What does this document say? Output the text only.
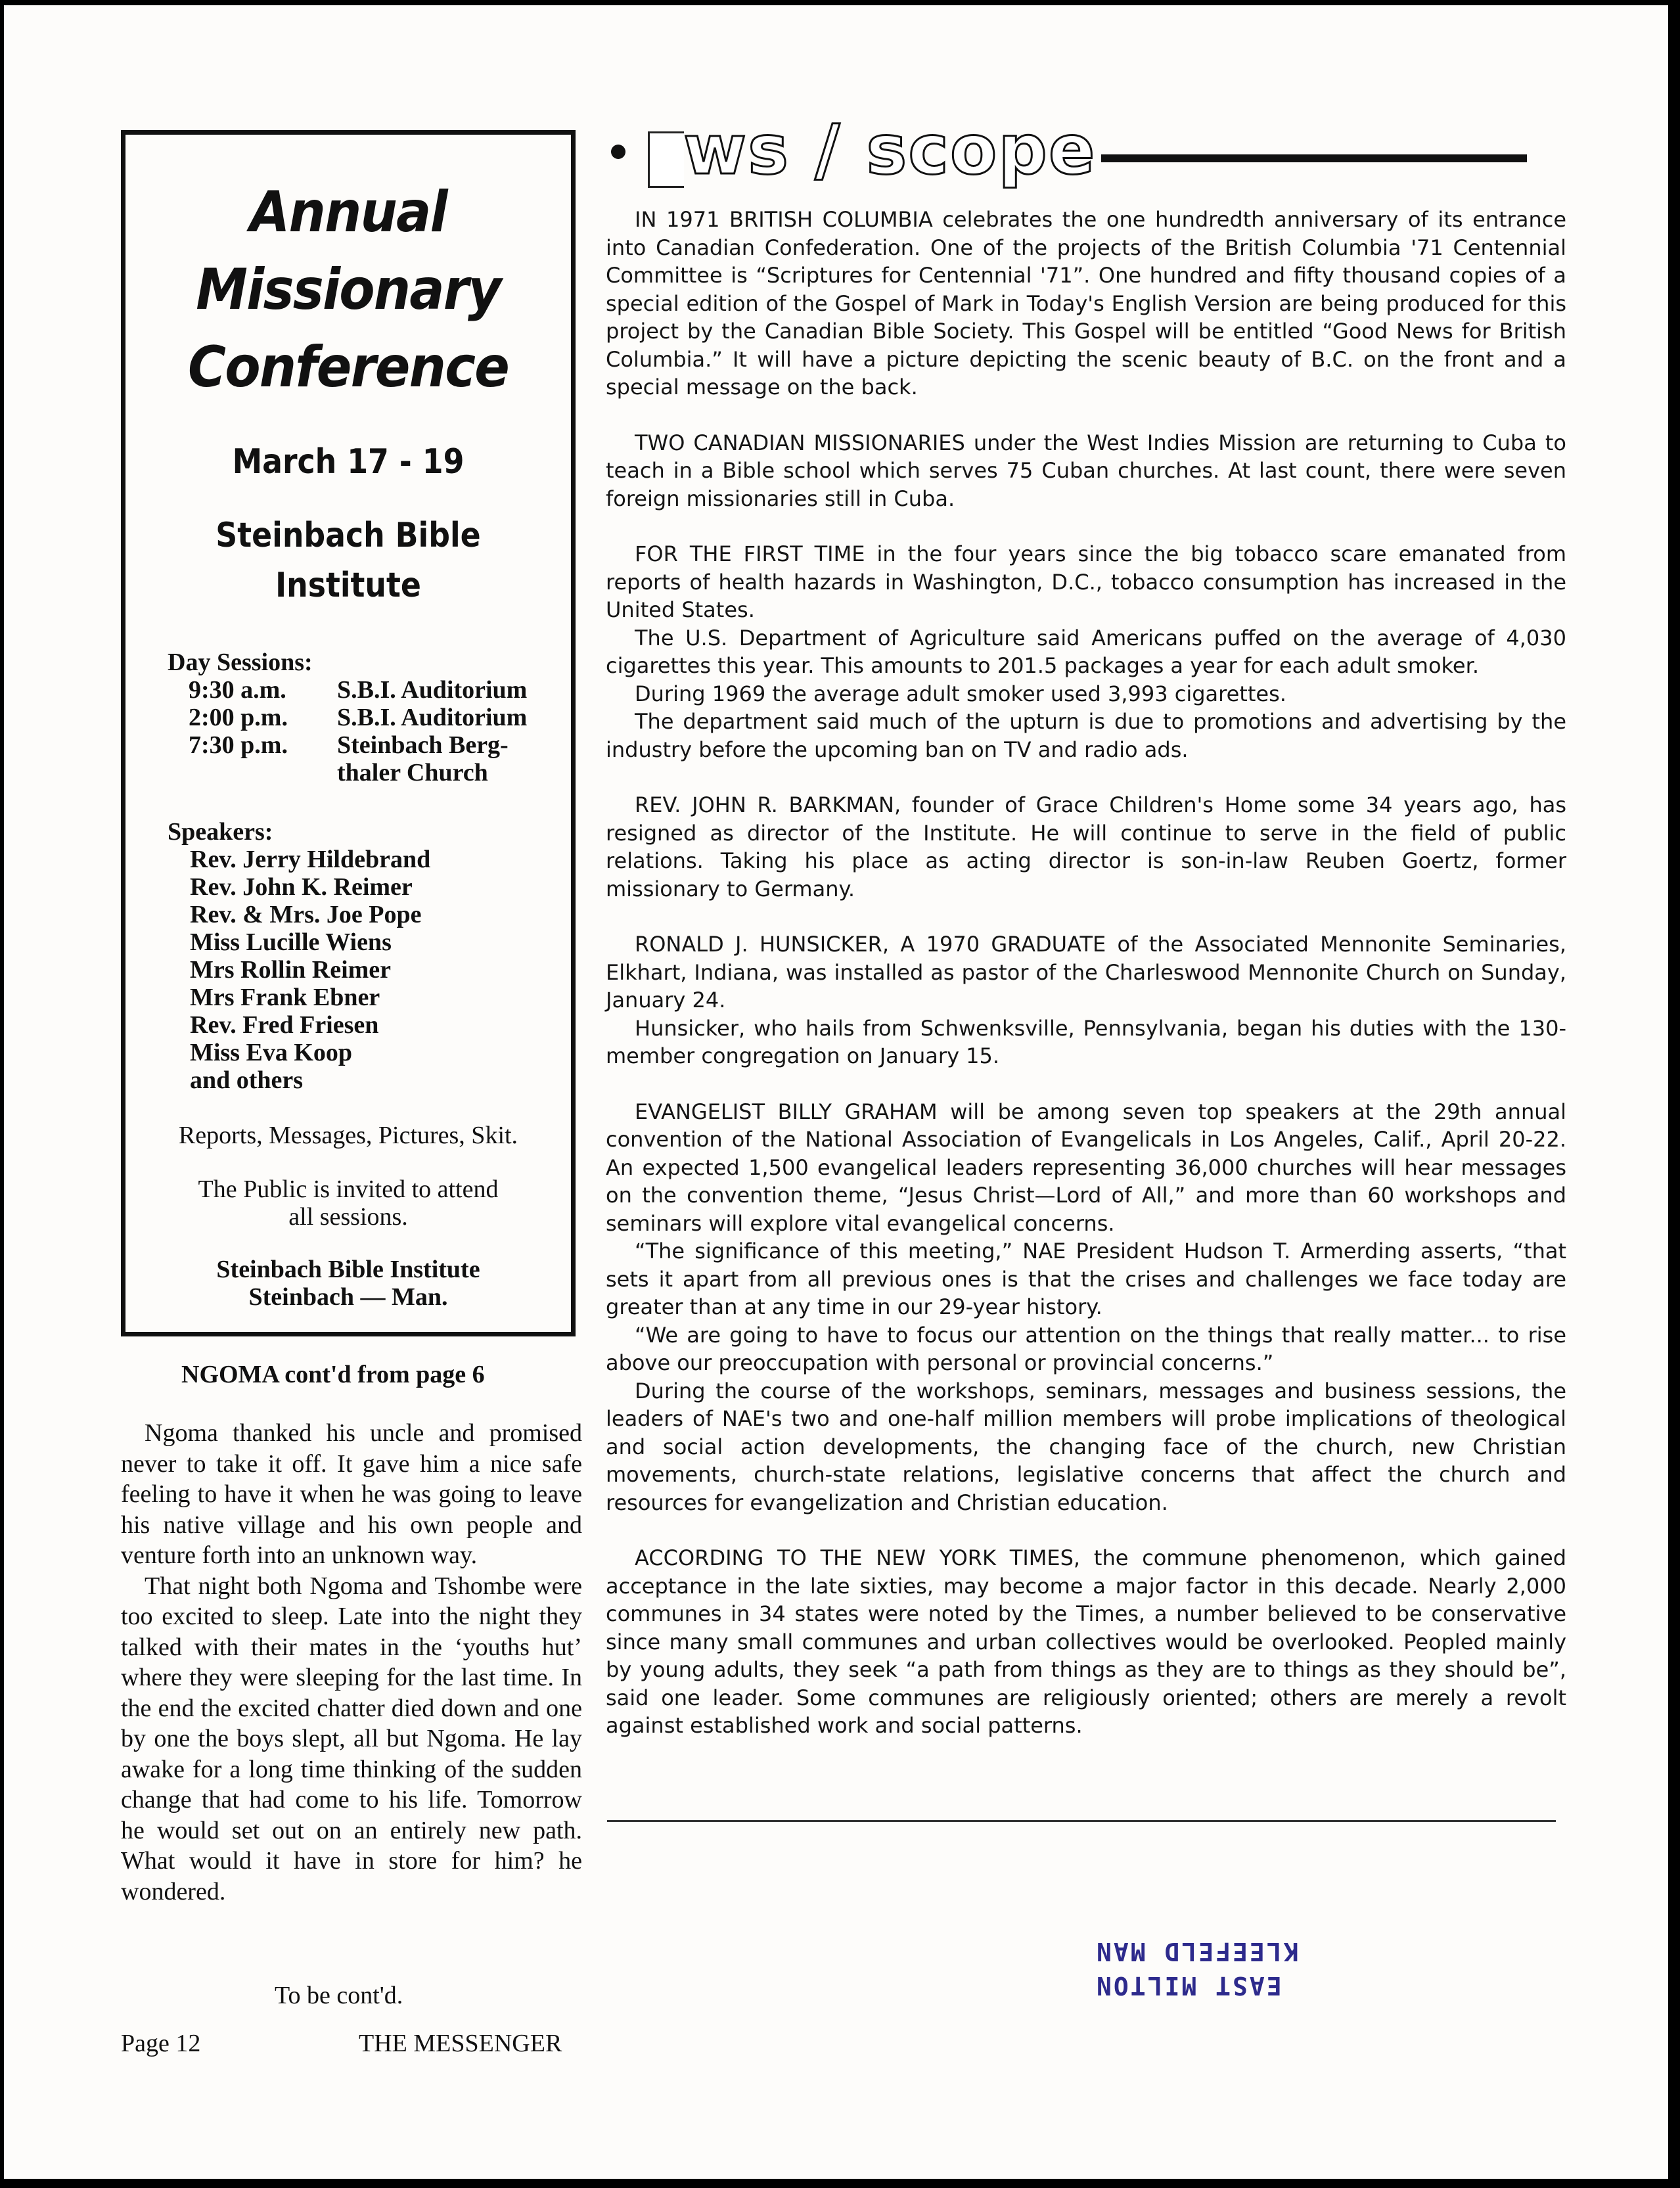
Annual
Missionary
Conference
March 17 - 19
Steinbach Bible
Institute
Day Sessions:
9:30 a.m. S.B.I. Auditorium
2:00 p.m. S.B.I. Auditorium
7:30 p.m. Steinbach Berg-
thaler Church
Speakers:
Rev. Jerry Hildebrand
Rev. John K. Reimer
Rev. & Mrs. Joe Pope
Miss Lucille Wiens
Mrs Rollin Reimer
Mrs Frank Ebner
Rev. Fred Friesen
Miss Eva Koop
and others
Reports, Messages, Pictures, Skit.
The Public is invited to attend
all sessions.
Steinbach Bible Institute
Steinbach — Man.
NGOMA cont'd from page 6

Ngoma thanked his uncle and promised never to take it off. It gave him a nice safe feeling to have it when he was going to leave his native village and his own people and venture forth into an unknown way.

That night both Ngoma and Tshombe were too excited to sleep. Late into the night they talked with their mates in the ‘youths hut’ where they were sleeping for the last time. In the end the excited chatter died down and one by one the boys slept, all but Ngoma. He lay awake for a long time thinking of the sudden change that had come to his life. Tomorrow he would set out on an entirely new path. What would it have in store for him? he wondered.

To be cont'd.
Page 12	THE MESSENGER
ws / scope

IN 1971 BRITISH COLUMBIA celebrates the one hundredth anniversary of its entrance into Canadian Confederation. One of the projects of the British Columbia '71 Centennial Committee is “Scriptures for Centennial '71”. One hundred and fifty thousand copies of a special edition of the Gospel of Mark in Today's English Version are being produced for this project by the Canadian Bible Society. This Gospel will be entitled “Good News for British Columbia.” It will have a picture depicting the scenic beauty of B.C. on the front and a special message on the back.

TWO CANADIAN MISSIONARIES under the West Indies Mission are returning to Cuba to teach in a Bible school which serves 75 Cuban churches. At last count, there were seven foreign missionaries still in Cuba.

FOR THE FIRST TIME in the four years since the big tobacco scare emanated from reports of health hazards in Washington, D.C., tobacco consumption has increased in the United States.

The U.S. Department of Agriculture said Americans puffed on the average of 4,030 cigarettes this year. This amounts to 201.5 packages a year for each adult smoker.

During 1969 the average adult smoker used 3,993 cigarettes.

The department said much of the upturn is due to promotions and advertising by the industry before the upcoming ban on TV and radio ads.

REV. JOHN R. BARKMAN, founder of Grace Children's Home some 34 years ago, has resigned as director of the Institute. He will continue to serve in the field of public relations. Taking his place as acting director is son-in-law Reuben Goertz, former missionary to Germany.

RONALD J. HUNSICKER, A 1970 GRADUATE of the Associated Mennonite Seminaries, Elkhart, Indiana, was installed as pastor of the Charleswood Mennonite Church on Sunday, January 24.

Hunsicker, who hails from Schwenksville, Pennsylvania, began his duties with the 130-member congregation on January 15.

EVANGELIST BILLY GRAHAM will be among seven top speakers at the 29th annual convention of the National Association of Evangelicals in Los Angeles, Calif., April 20-22. An expected 1,500 evangelical leaders representing 36,000 churches will hear messages on the convention theme, “Jesus Christ—Lord of All,” and more than 60 workshops and seminars will explore vital evangelical concerns.

“The significance of this meeting,” NAE President Hudson T. Armerding asserts, “that sets it apart from all previous ones is that the crises and challenges we face today are greater than at any time in our 29-year history.

“We are going to have to focus our attention on the things that really matter... to rise above our preoccupation with personal or provincial concerns.”

During the course of the workshops, seminars, messages and business sessions, the leaders of NAE's two and one-half million members will probe implications of theological and social action developments, the changing face of the church, new Christian movements, church-state relations, legislative concerns that affect the church and resources for evangelization and Christian education.

ACCORDING TO THE NEW YORK TIMES, the commune phenomenon, which gained acceptance in the late sixties, may become a major factor in this decade. Nearly 2,000 communes in 34 states were noted by the Times, a number believed to be conservative since many small communes and urban collectives would be overlooked. Peopled mainly by young adults, they seek “a path from things as they are to things as they should be”, said one leader. Some communes are religiously oriented; others are merely a revolt against established work and social patterns.

KLEEFELD MAN
EAST MILTON
